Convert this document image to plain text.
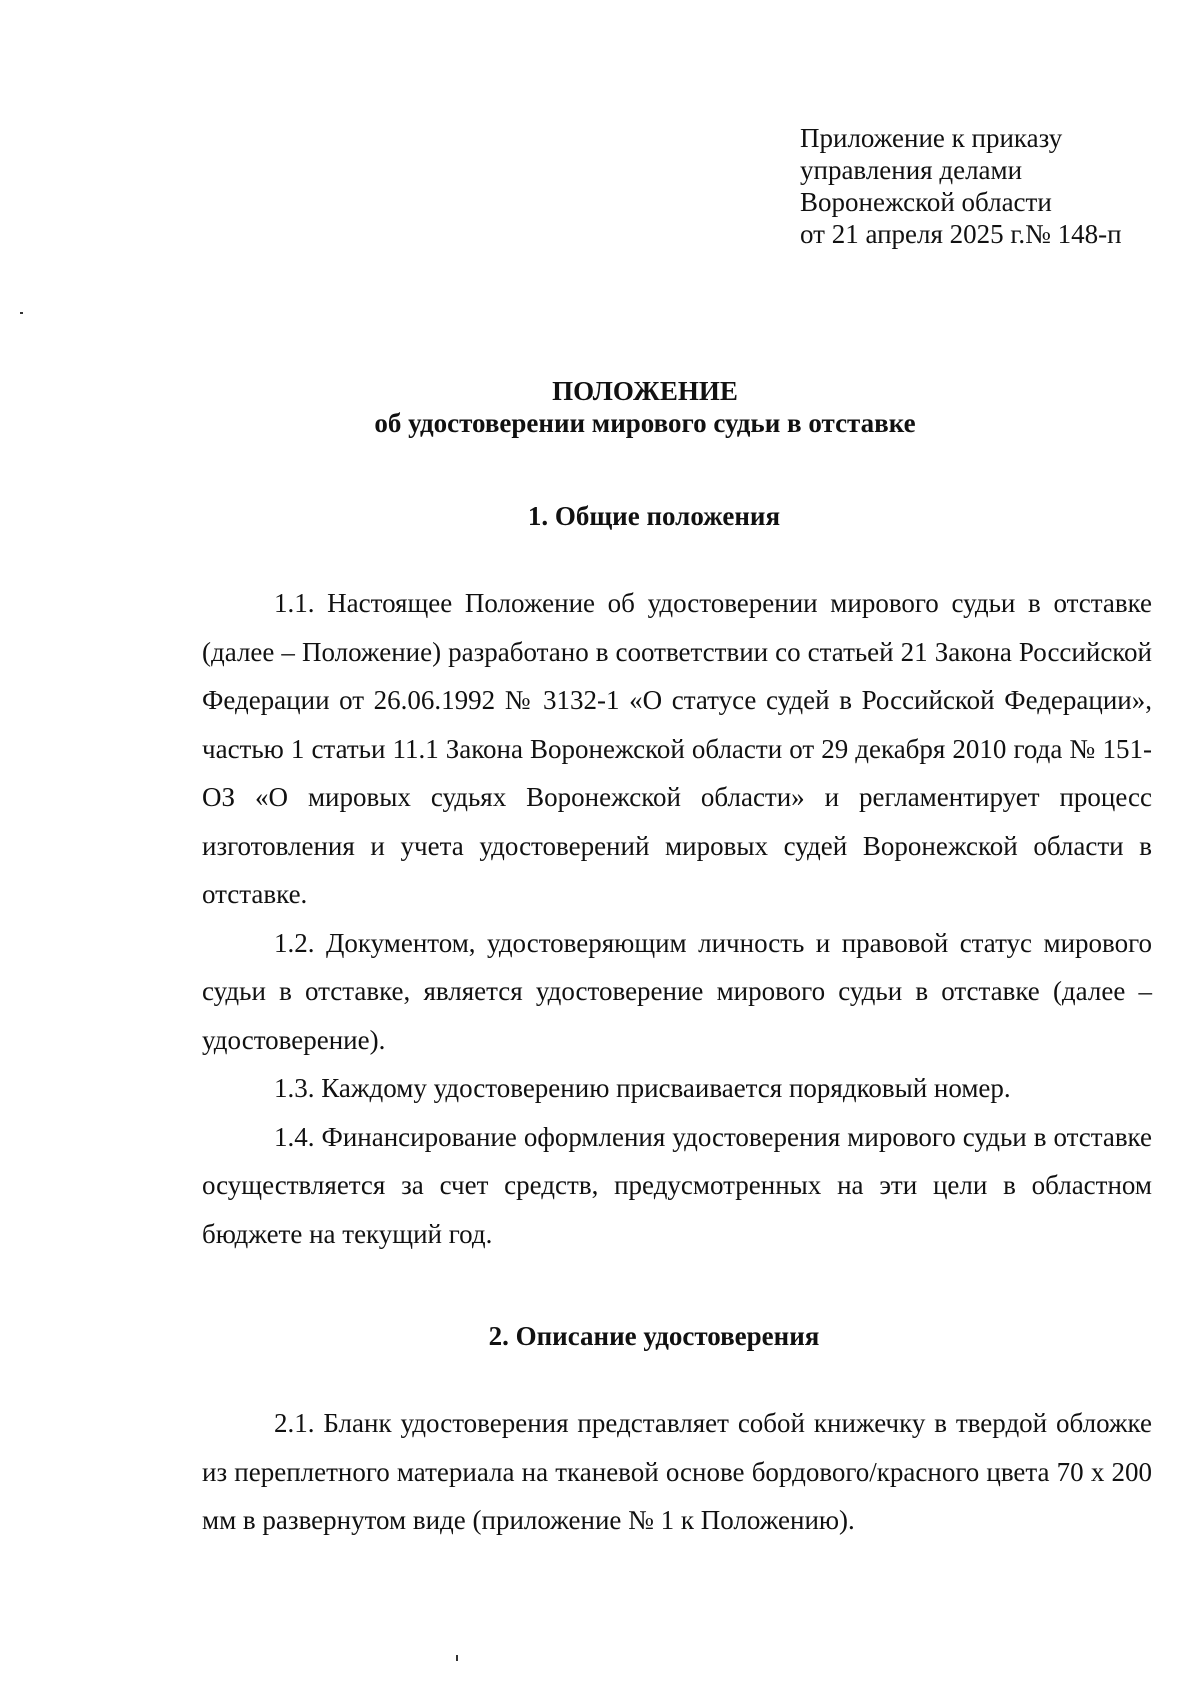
Приложение к приказу
управления делами
Воронежской области
от 21 апреля 2025 г.№ 148-п
ПОЛОЖЕНИЕ
об удостоверении мирового судьи в отставке
1. Общие положения

1.1. Настоящее Положение об удостоверении мирового судьи в отставке (далее – Положение) разработано в соответствии со статьей 21 Закона Российской Федерации от 26.06.1992 № 3132-1 «О статусе судей в Российской Федерации», частью 1 статьи 11.1 Закона Воронежской области от 29 декабря 2010 года № 151-ОЗ «О мировых судьях Воронежской области» и регламентирует процесс изготовления и учета удостоверений мировых судей Воронежской области в отставке.

1.2. Документом, удостоверяющим личность и правовой статус мирового судьи в отставке, является удостоверение мирового судьи в отставке (далее – удостоверение).

1.3. Каждому удостоверению присваивается порядковый номер.

1.4. Финансирование оформления удостоверения мирового судьи в отставке осуществляется за счет средств, предусмотренных на эти цели в областном бюджете на текущий год.

2. Описание удостоверения

2.1. Бланк удостоверения представляет собой книжечку в твердой обложке из переплетного материала на тканевой основе бордового/красного цвета 70 х 200 мм в развернутом виде (приложение № 1 к Положению).
